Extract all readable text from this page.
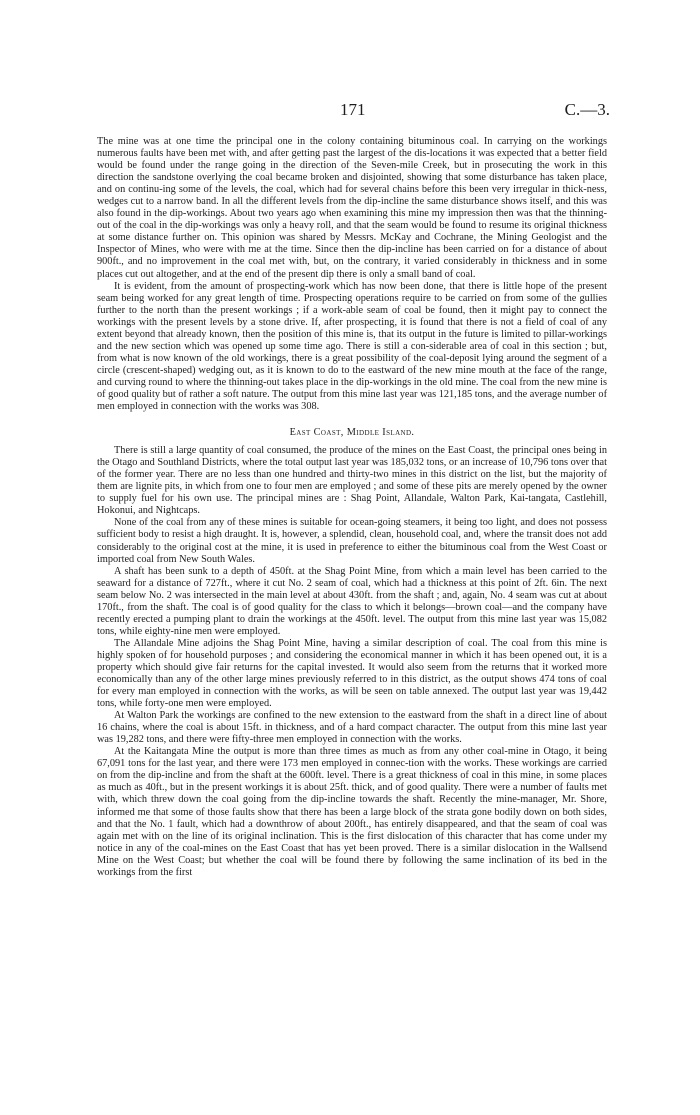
171	C.—3.

The mine was at one time the principal one in the colony containing bituminous coal. In carrying on the workings numerous faults have been met with, and after getting past the largest of the dis-locations it was expected that a better field would be found under the range going in the direction of the Seven-mile Creek, but in prosecuting the work in this direction the sandstone overlying the coal became broken and disjointed, showing that some disturbance has taken place, and on continu-ing some of the levels, the coal, which had for several chains before this been very irregular in thick-ness, wedges cut to a narrow band. In all the different levels from the dip-incline the same disturbance shows itself, and this was also found in the dip-workings. About two years ago when examining this mine my impression then was that the thinning-out of the coal in the dip-workings was only a heavy roll, and that the seam would be found to resume its original thickness at some distance further on. This opinion was shared by Messrs. McKay and Cochrane, the Mining Geologist and the Inspector of Mines, who were with me at the time. Since then the dip-incline has been carried on for a distance of about 900ft., and no improvement in the coal met with, but, on the contrary, it varied considerably in thickness and in some places cut out altogether, and at the end of the present dip there is only a small band of coal.

It is evident, from the amount of prospecting-work which has now been done, that there is little hope of the present seam being worked for any great length of time. Prospecting operations require to be carried on from some of the gullies further to the north than the present workings ; if a work-able seam of coal be found, then it might pay to connect the workings with the present levels by a stone drive. If, after prospecting, it is found that there is not a field of coal of any extent beyond that already known, then the position of this mine is, that its output in the future is limited to pillar-workings and the new section which was opened up some time ago. There is still a con-siderable area of coal in this section ; but, from what is now known of the old workings, there is a great possibility of the coal-deposit lying around the segment of a circle (crescent-shaped) wedging out, as it is known to do to the eastward of the new mine mouth at the face of the range, and curving round to where the thinning-out takes place in the dip-workings in the old mine. The coal from the new mine is of good quality but of rather a soft nature. The output from this mine last year was 121,185 tons, and the average number of men employed in connection with the works was 308.

East Coast, Middle Island.

There is still a large quantity of coal consumed, the produce of the mines on the East Coast, the principal ones being in the Otago and Southland Districts, where the total output last year was 185,032 tons, or an increase of 10,796 tons over that of the former year. There are no less than one hundred and thirty-two mines in this district on the list, but the majority of them are lignite pits, in which from one to four men are employed ; and some of these pits are merely opened by the owner to supply fuel for his own use. The principal mines are : Shag Point, Allandale, Walton Park, Kai-tangata, Castlehill, Hokonui, and Nightcaps.

None of the coal from any of these mines is suitable for ocean-going steamers, it being too light, and does not possess sufficient body to resist a high draught. It is, however, a splendid, clean, household coal, and, where the transit does not add considerably to the original cost at the mine, it is used in preference to either the bituminous coal from the West Coast or imported coal from New South Wales.

A shaft has been sunk to a depth of 450ft. at the Shag Point Mine, from which a main level has been carried to the seaward for a distance of 727ft., where it cut No. 2 seam of coal, which had a thickness at this point of 2ft. 6in. The next seam below No. 2 was intersected in the main level at about 430ft. from the shaft ; and, again, No. 4 seam was cut at about 170ft., from the shaft. The coal is of good quality for the class to which it belongs—brown coal—and the company have recently erected a pumping plant to drain the workings at the 450ft. level. The output from this mine last year was 15,082 tons, while eighty-nine men were employed.

The Allandale Mine adjoins the Shag Point Mine, having a similar description of coal. The coal from this mine is highly spoken of for household purposes ; and considering the economical manner in which it has been opened out, it is a property which should give fair returns for the capital invested. It would also seem from the returns that it worked more economically than any of the other large mines previously referred to in this district, as the output shows 474 tons of coal for every man employed in connection with the works, as will be seen on table annexed. The output last year was 19,442 tons, while forty-one men were employed.

At Walton Park the workings are confined to the new extension to the eastward from the shaft in a direct line of about 16 chains, where the coal is about 15ft. in thickness, and of a hard compact character. The output from this mine last year was 19,282 tons, and there were fifty-three men employed in connection with the works.

At the Kaitangata Mine the output is more than three times as much as from any other coal-mine in Otago, it being 67,091 tons for the last year, and there were 173 men employed in connec-tion with the works. These workings are carried on from the dip-incline and from the shaft at the 600ft. level. There is a great thickness of coal in this mine, in some places as much as 40ft., but in the present workings it is about 25ft. thick, and of good quality. There were a number of faults met with, which threw down the coal going from the dip-incline towards the shaft. Recently the mine-manager, Mr. Shore, informed me that some of those faults show that there has been a large block of the strata gone bodily down on both sides, and that the No. 1 fault, which had a downthrow of about 200ft., has entirely disappeared, and that the seam of coal was again met with on the line of its original inclination. This is the first dislocation of this character that has come under my notice in any of the coal-mines on the East Coast that has yet been proved. There is a similar dislocation in the Wallsend Mine on the West Coast; but whether the coal will be found there by following the same inclination of its bed in the workings from the first
